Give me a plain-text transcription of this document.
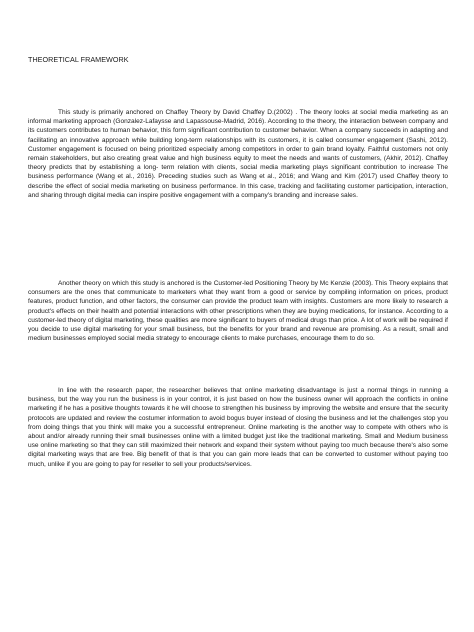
THEORETICAL FRAMEWORK

This study is primarily anchored on Chaffey Theory by David Chaffey D.(2002) . The theory looks at social media marketing as an informal marketing approach (Gonzalez-Lafaysse and Lapassouse-Madrid, 2016). According to the theory, the interaction between company and its customers contributes to human behavior, this form significant contribution to customer behavior. When a company succeeds in adapting and facilitating an innovative approach while building long-term relationships with its customers, it is called consumer engagement (Sashi, 2012). Customer engagement is focused on being prioritized especially among competitors in order to gain brand loyalty. Faithful customers not only remain stakeholders, but also creating great value and high business equity to meet the needs and wants of customers, (Akhir, 2012). Chaffey theory predicts that by establishing a long- term relation with clients, social media marketing plays significant contribution to increase The business performance (Wang et al., 2016). Preceding studies such as Wang et al., 2016; and Wang and Kim (2017) used Chaffey theory to describe the effect of social media marketing on business performance. In this case, tracking and facilitating customer participation, interaction, and sharing through digital media can inspire positive engagement with a company's branding and increase sales.

Another theory on which this study is anchored is the Customer-led Positioning Theory by Mc Kenzie (2003). This Theory explains that consumers are the ones that communicate to marketers what they want from a good or service by compiling information on prices, product features, product function, and other factors, the consumer can provide the product team with insights. Customers are more likely to research a product's effects on their health and potential interactions with other prescriptions when they are buying medications, for instance. According to a customer-led theory of digital marketing, these qualities are more significant to buyers of medical drugs than price. A lot of work will be required if you decide to use digital marketing for your small business, but the benefits for your brand and revenue are promising. As a result, small and medium businesses employed social media strategy to encourage clients to make purchases, encourage them to do so.

In line with the research paper, the researcher believes that online marketing disadvantage is just a normal things in running a business, but the way you run the business is in your control, it is just based on how the business owner will approach the conflicts in online marketing if he has a positive thoughts towards it he will choose to strengthen his business by improving the website and ensure that the security protocols are updated and review the costumer information to avoid bogus buyer instead of closing the business and let the challenges stop you from doing things that you think will make you a successful entrepreneur. Online marketing is the another way to compete with others who is about and/or already running their small businesses online with a limited budget just like the traditional marketing. Small and Medium business use online marketing so that they can still maximized their network and expand their system without paying too much because there's also some digital marketing ways that are free. Big benefit of that is that you can gain more leads that can be converted to customer without paying too much, unlike if you are going to pay for reseller to sell your products/services.
